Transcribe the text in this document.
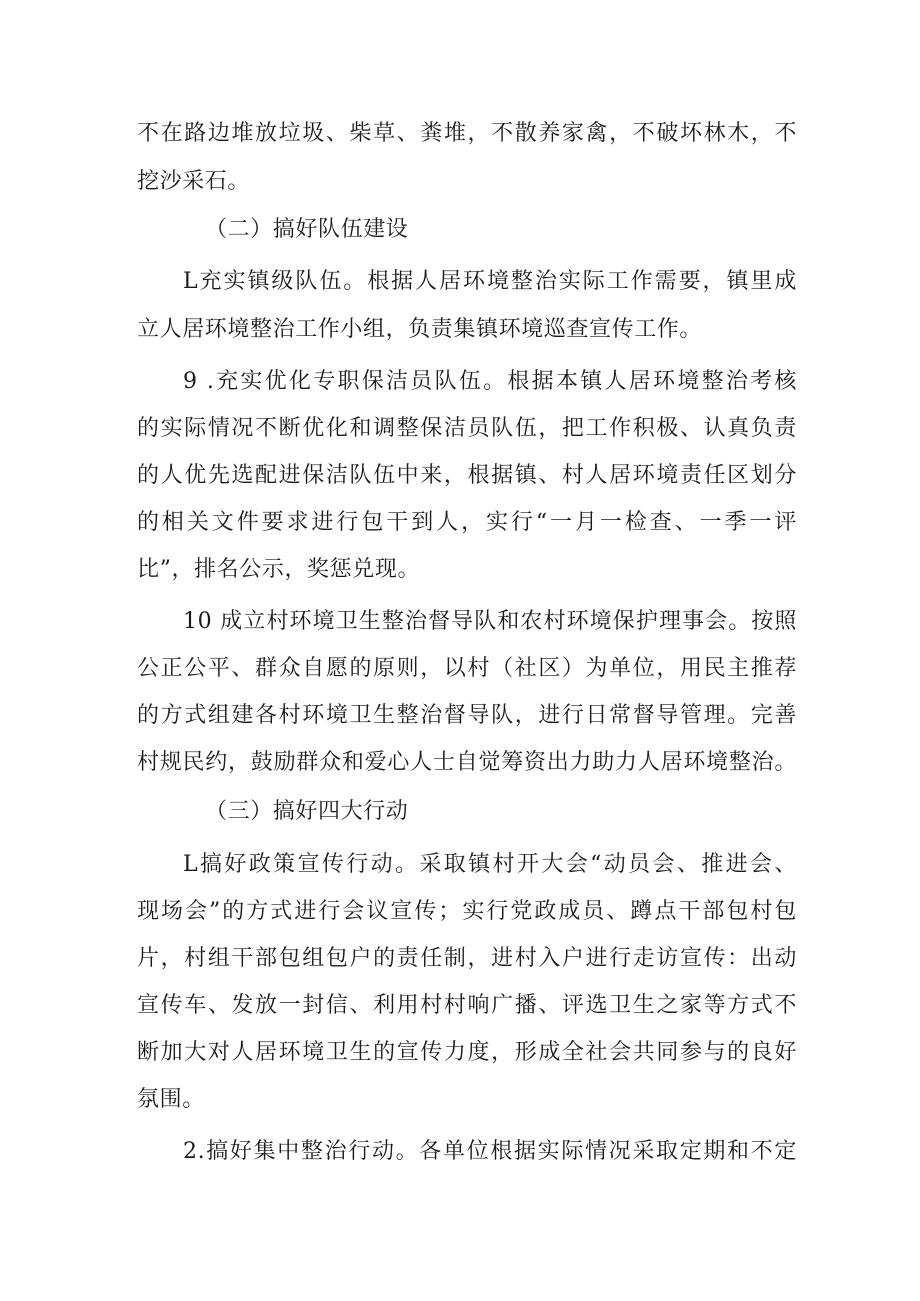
不在路边堆放垃圾、柴草、粪堆，不散养家禽，不破坏林木，不
挖沙采石。
（二）搞好队伍建设
L充实镇级队伍。根据人居环境整治实际工作需要，镇里成
立人居环境整治工作小组，负责集镇环境巡查宣传工作。
9 .充实优化专职保洁员队伍。根据本镇人居环境整治考核
的实际情况不断优化和调整保洁员队伍，把工作积极、认真负责
的人优先选配进保洁队伍中来，根据镇、村人居环境责任区划分
的相关文件要求进行包干到人，实行“一月一检查、一季一评
比”，排名公示，奖惩兑现。
10 成立村环境卫生整治督导队和农村环境保护理事会。按照
公正公平、群众自愿的原则，以村（社区）为单位，用民主推荐
的方式组建各村环境卫生整治督导队，进行日常督导管理。完善
村规民约，鼓励群众和爱心人士自觉筹资出力助力人居环境整治。
（三）搞好四大行动
L搞好政策宣传行动。采取镇村开大会“动员会、推进会、
现场会”的方式进行会议宣传；实行党政成员、蹲点干部包村包
片，村组干部包组包户的责任制，进村入户进行走访宣传：出动
宣传车、发放一封信、利用村村响广播、评选卫生之家等方式不
断加大对人居环境卫生的宣传力度，形成全社会共同参与的良好
氛围。
2.搞好集中整治行动。各单位根据实际情况采取定期和不定
